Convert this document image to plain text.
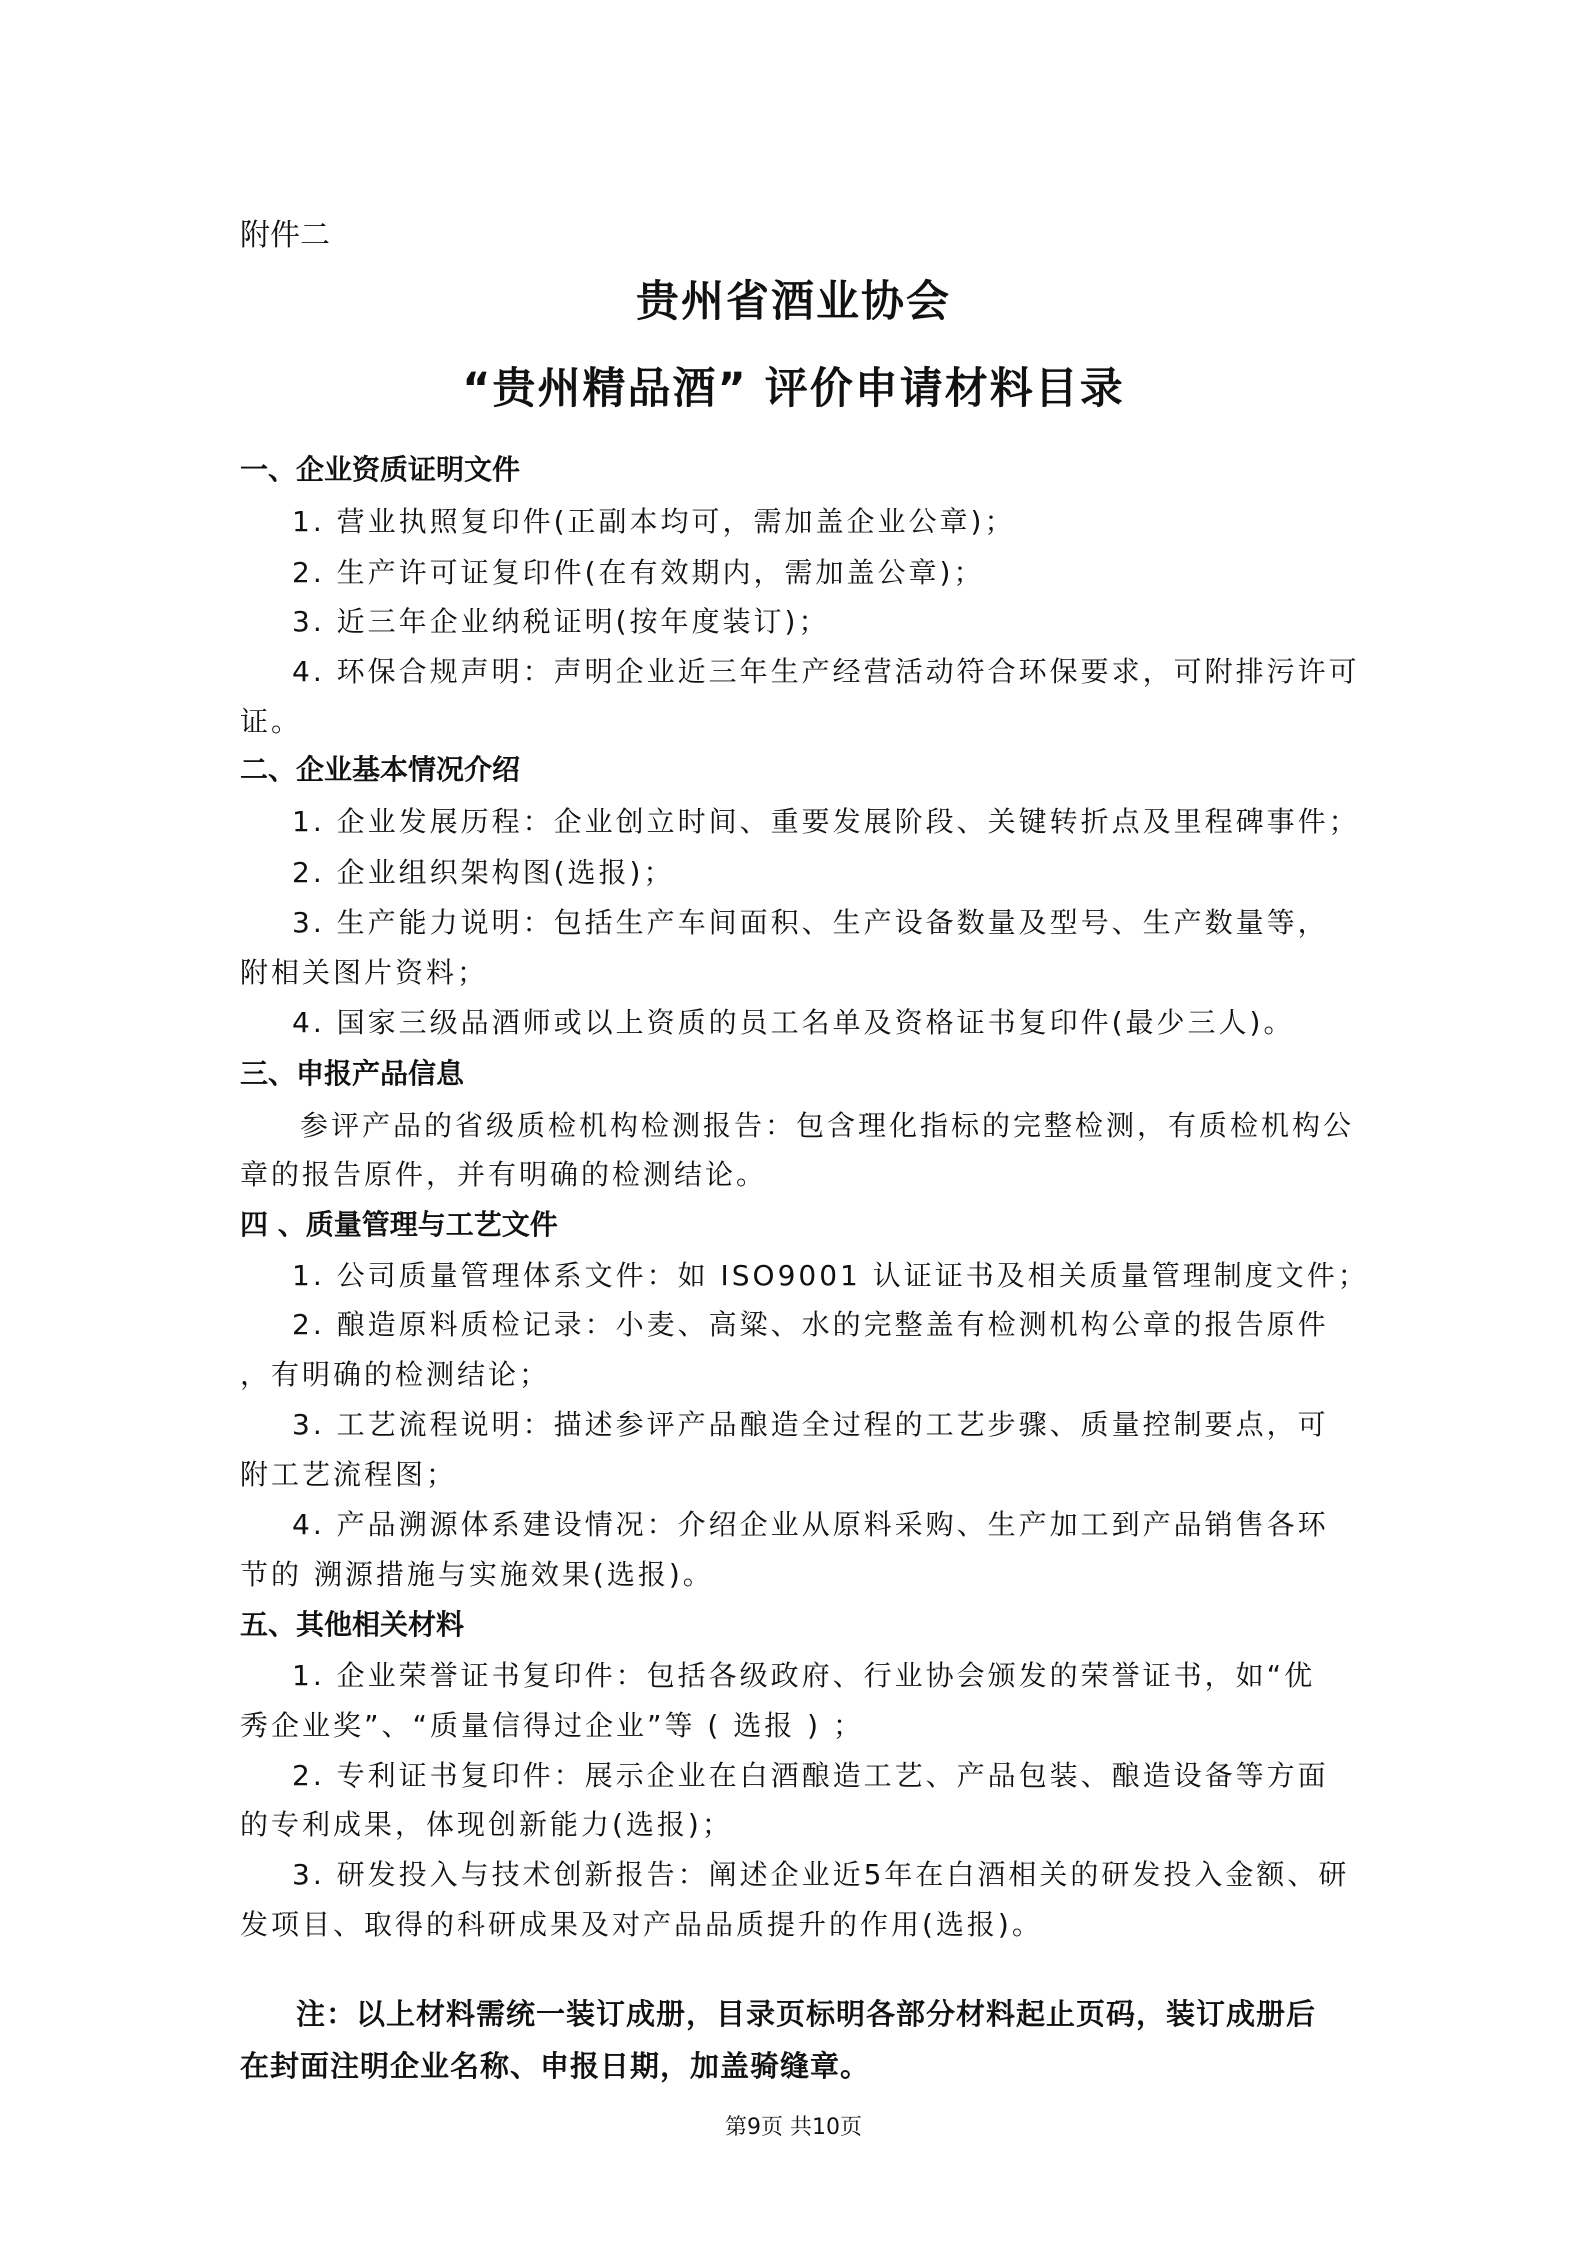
附件二
贵州省酒业协会
“贵州精品酒” 评价申请材料目录
一、企业资质证明文件
1. 营业执照复印件(正副本均可，需加盖企业公章)；
2. 生产许可证复印件(在有效期内，需加盖公章)；
3. 近三年企业纳税证明(按年度装订)；
4. 环保合规声明：声明企业近三年生产经营活动符合环保要求，可附排污许可
证。
二、企业基本情况介绍
1. 企业发展历程：企业创立时间、重要发展阶段、关键转折点及里程碑事件；
2. 企业组织架构图(选报)；
3. 生产能力说明：包括生产车间面积、生产设备数量及型号、生产数量等，
附相关图片资料；
4. 国家三级品酒师或以上资质的员工名单及资格证书复印件(最少三人)。
三、申报产品信息
参评产品的省级质检机构检测报告：包含理化指标的完整检测，有质检机构公
章的报告原件，并有明确的检测结论。
四 、质量管理与工艺文件
1. 公司质量管理体系文件：如 ISO9001 认证证书及相关质量管理制度文件；
2. 酿造原料质检记录：小麦、高粱、水的完整盖有检测机构公章的报告原件
，有明确的检测结论；
3. 工艺流程说明：描述参评产品酿造全过程的工艺步骤、质量控制要点，可
附工艺流程图；
4. 产品溯源体系建设情况：介绍企业从原料采购、生产加工到产品销售各环
节的 溯源措施与实施效果(选报)。
五、其他相关材料
1. 企业荣誉证书复印件：包括各级政府、行业协会颁发的荣誉证书，如“优
秀企业奖”、“质量信得过企业”等 ( 选报 ) ；
2. 专利证书复印件：展示企业在白酒酿造工艺、产品包装、酿造设备等方面
的专利成果，体现创新能力(选报)；
3. 研发投入与技术创新报告：阐述企业近5年在白酒相关的研发投入金额、研
发项目、取得的科研成果及对产品品质提升的作用(选报)。
注：以上材料需统一装订成册，目录页标明各部分材料起止页码，装订成册后
在封面注明企业名称、申报日期，加盖骑缝章。
第9页 共10页
